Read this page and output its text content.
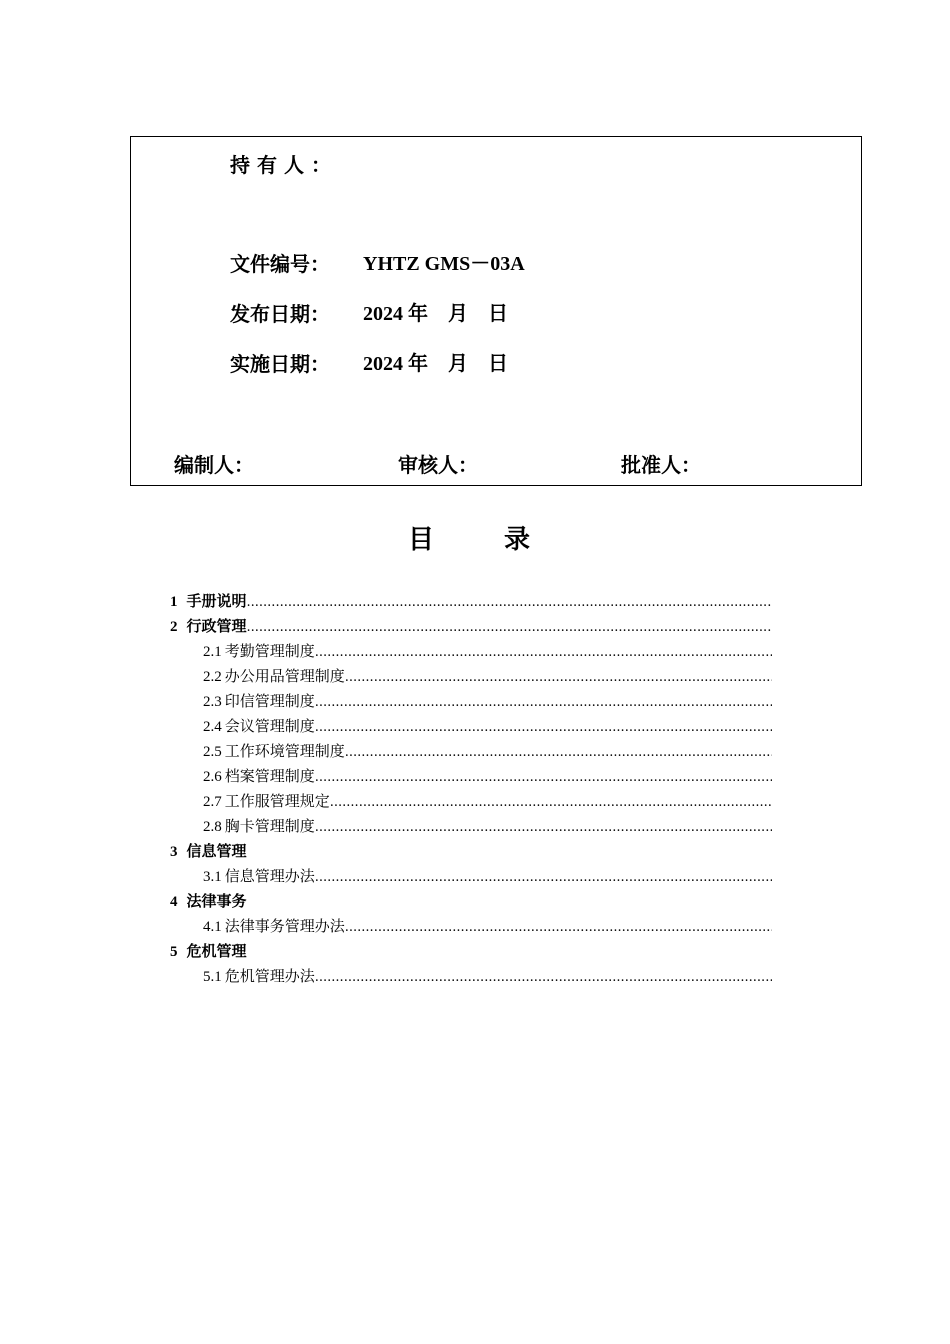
持有人：
文件编号： YHTZ GMS－03A
发布日期： 2024 年　月　日
实施日期： 2024 年　月　日
编制人：	审核人：	批准人：
目录
1 手册说明
.....
2 行政管理
.....
2.1 考勤管理制度
.....
2.2 办公用品管理制度
.....
2.3 印信管理制度
.....
2.4 会议管理制度
.....
2.5 工作环境管理制度
.....
2.6 档案管理制度
.....
2.7 工作服管理规定
.....
2.8 胸卡管理制度
.....
3 信息管理
3.1 信息管理办法
.....
4 法律事务
4.1 法律事务管理办法
.....
5 危机管理
5.1 危机管理办法
.....
